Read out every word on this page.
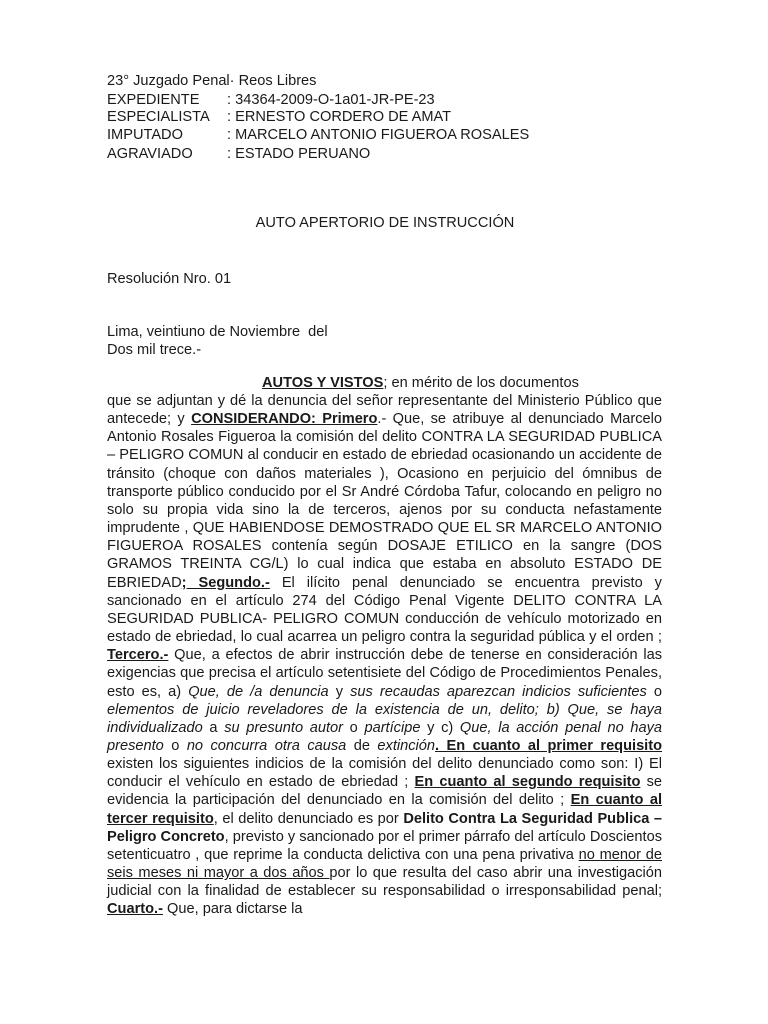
23° Juzgado Penal· Reos Libres
EXPEDIENTE : 34364-2009-O-1a01-JR-PE-23
ESPECIALISTA : ERNESTO CORDERO DE AMAT
IMPUTADO	: MARCELO ANTONIO FIGUEROA ROSALES
AGRAVIADO : ESTADO PERUANO
AUTO APERTORIO DE INSTRUCCIÓN
Resolución Nro. 01
Lima, veintiuno de Noviembre  del
Dos mil trece.-
AUTOS Y VISTOS; en mérito de los documentos

que se adjuntan y dé la denuncia del señor representante del Ministerio Público que antecede; y CONSIDERANDO: Primero.- Que, se atribuye al denunciado Marcelo Antonio Rosales Figueroa la comisión del delito CONTRA LA SEGURIDAD PUBLICA – PELIGRO COMUN al conducir en estado de ebriedad ocasionando un accidente de tránsito (choque con daños materiales ), Ocasiono en perjuicio del ómnibus de transporte público conducido por el Sr André Córdoba Tafur, colocando en peligro no solo su propia vida sino la de terceros, ajenos por su conducta nefastamente imprudente , QUE HABIENDOSE DEMOSTRADO QUE EL SR MARCELO ANTONIO FIGUEROA ROSALES contenía según DOSAJE ETILICO en la sangre (DOS GRAMOS TREINTA CG/L) lo cual indica que estaba en absoluto ESTADO DE EBRIEDAD; Segundo.- El ilícito penal denunciado se encuentra previsto y sancionado en el artículo 274 del Código Penal Vigente DELITO CONTRA LA SEGURIDAD PUBLICA- PELIGRO COMUN conducción de vehículo motorizado en estado de ebriedad, lo cual acarrea un peligro contra la seguridad pública y el orden ; Tercero.- Que, a efectos de abrir instrucción debe de tenerse en consideración las exigencias que precisa el artículo setentisiete del Código de Procedimientos Penales, esto es, a) Que, de /a denuncia y sus recaudas aparezcan indicios suficientes o elementos de juicio reveladores de la existencia de un, delito; b) Que, se haya individualizado a su presunto autor o partícipe y c) Que, la acción penal no haya presento o no concurra otra causa de extinción. En cuanto al primer requisito existen los siguientes indicios de la comisión del delito denunciado como son: I) El conducir el vehículo en estado de ebriedad ; En cuanto al segundo requisito se evidencia la participación del denunciado en la comisión del delito ; En cuanto al tercer requisito, el delito denunciado es por Delito Contra La Seguridad Publica – Peligro Concreto, previsto y sancionado por el primer párrafo del artículo Doscientos setenticuatro , que reprime la conducta delictiva con una pena privativa no menor de seis meses ni mayor a dos años por lo que resulta del caso abrir una investigación judicial con la finalidad de establecer su responsabilidad o irresponsabilidad penal; Cuarto.- Que, para dictarse la
